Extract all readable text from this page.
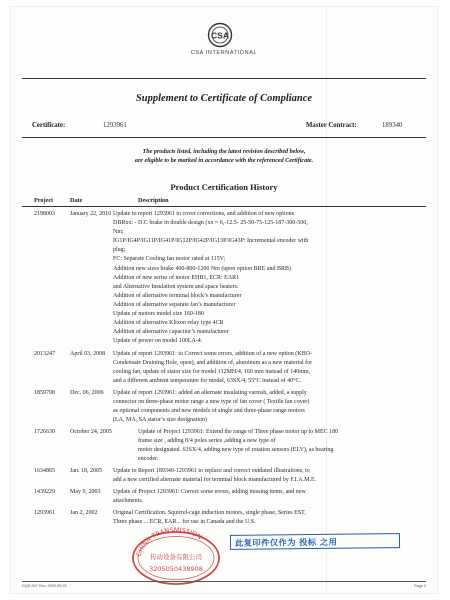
CSA
CSA INTERNATIONAL
Supplement to Certificate of Compliance
Certificate:	1293961	Master Contract:	189340
The products listed, including the latest revision described below,
are eligible to be marked in accordance with the referenced Certificate.
Product Certification History
Project	Date	Description
2198003	January 22, 2010 Update to report 1293961 to cover corrections, and addition of new options
DBRxx: - D.C brake in double design (xx = 6,-12.5- 25-50-75-125-187-300-500,
Nm;
IG1P/IG4P/IG11P/IG41P/IG12P/IG42P/IG13P/IG43P: Incremental encoder with
plug;
FC: Separate Cooling fan motor rated at 115V;
Addition new sizes brake 400-800-1200 Nm (upon option BRE and BRB)
Addition of new series of motor EHB1, ECR: EAR1
and Alternative Insulation system and space heaters.
Addition of alternative terminal block’s manufacturer
Addition of alternative separate fan’s manufacturer
Update of motors model size 160-180
Addition of alternative Klixon relay type 4CR
Addition of alternative capacitor’s manufacturer
Update of power on model 100LA-4.
2013247	April 03, 2008	Update of report 1293961: to Correct some errors, addition of a new option (KBO-
Condensate Draining Hole, open), and addition of, aluminum as a new material for
cooling fan, update of stator size for model 112MH/4, 160 mm instead of 140mm,
and a different ambient temperature for model, 63SX/4, 55°C instead of 40°C.
1859798	Dec. 06, 2006	Update of report 1293961: added an alternate insulating varnish, added, a supply
connector on three-phase motor range a new type of fan cover ( Textile fan cover)
as optional components and new models of single and three-phase range motors
(LA, MA, SA stator’s size designation)
1726630	October 24, 2005	Update of Project 1293961: Extend the range of Three phase motor up to MEC 180
frame size , adding 8/4 poles series ,adding a new type of
motor designated. 63SX/4, adding new type of rotation sensors (ELV), as bearing
encoder.
1634865	Jan. 18, 2005	Update to Report 189340-1293961 to replace and correct outdated illustrations, to
add a new certified alternate material for terminal block manufactured by F.I.A.M.E.
1439229	May 9, 2003	Update of Project 1293961: Correct some errors, adding missing items, and new
attachments.
1293961	Jan 2, 2002	Original Certification. Squirrel-cage induction motors, single phase, Series EST,
Three phase ... ECR, EAR... for use in Canada and the U.S.
CHINA TRANSMISSION
传动设备有限公司
3205050438908
此复印件仅作为 投标 之用
DQD 507 Rev. 2009-09-01	Page 2
